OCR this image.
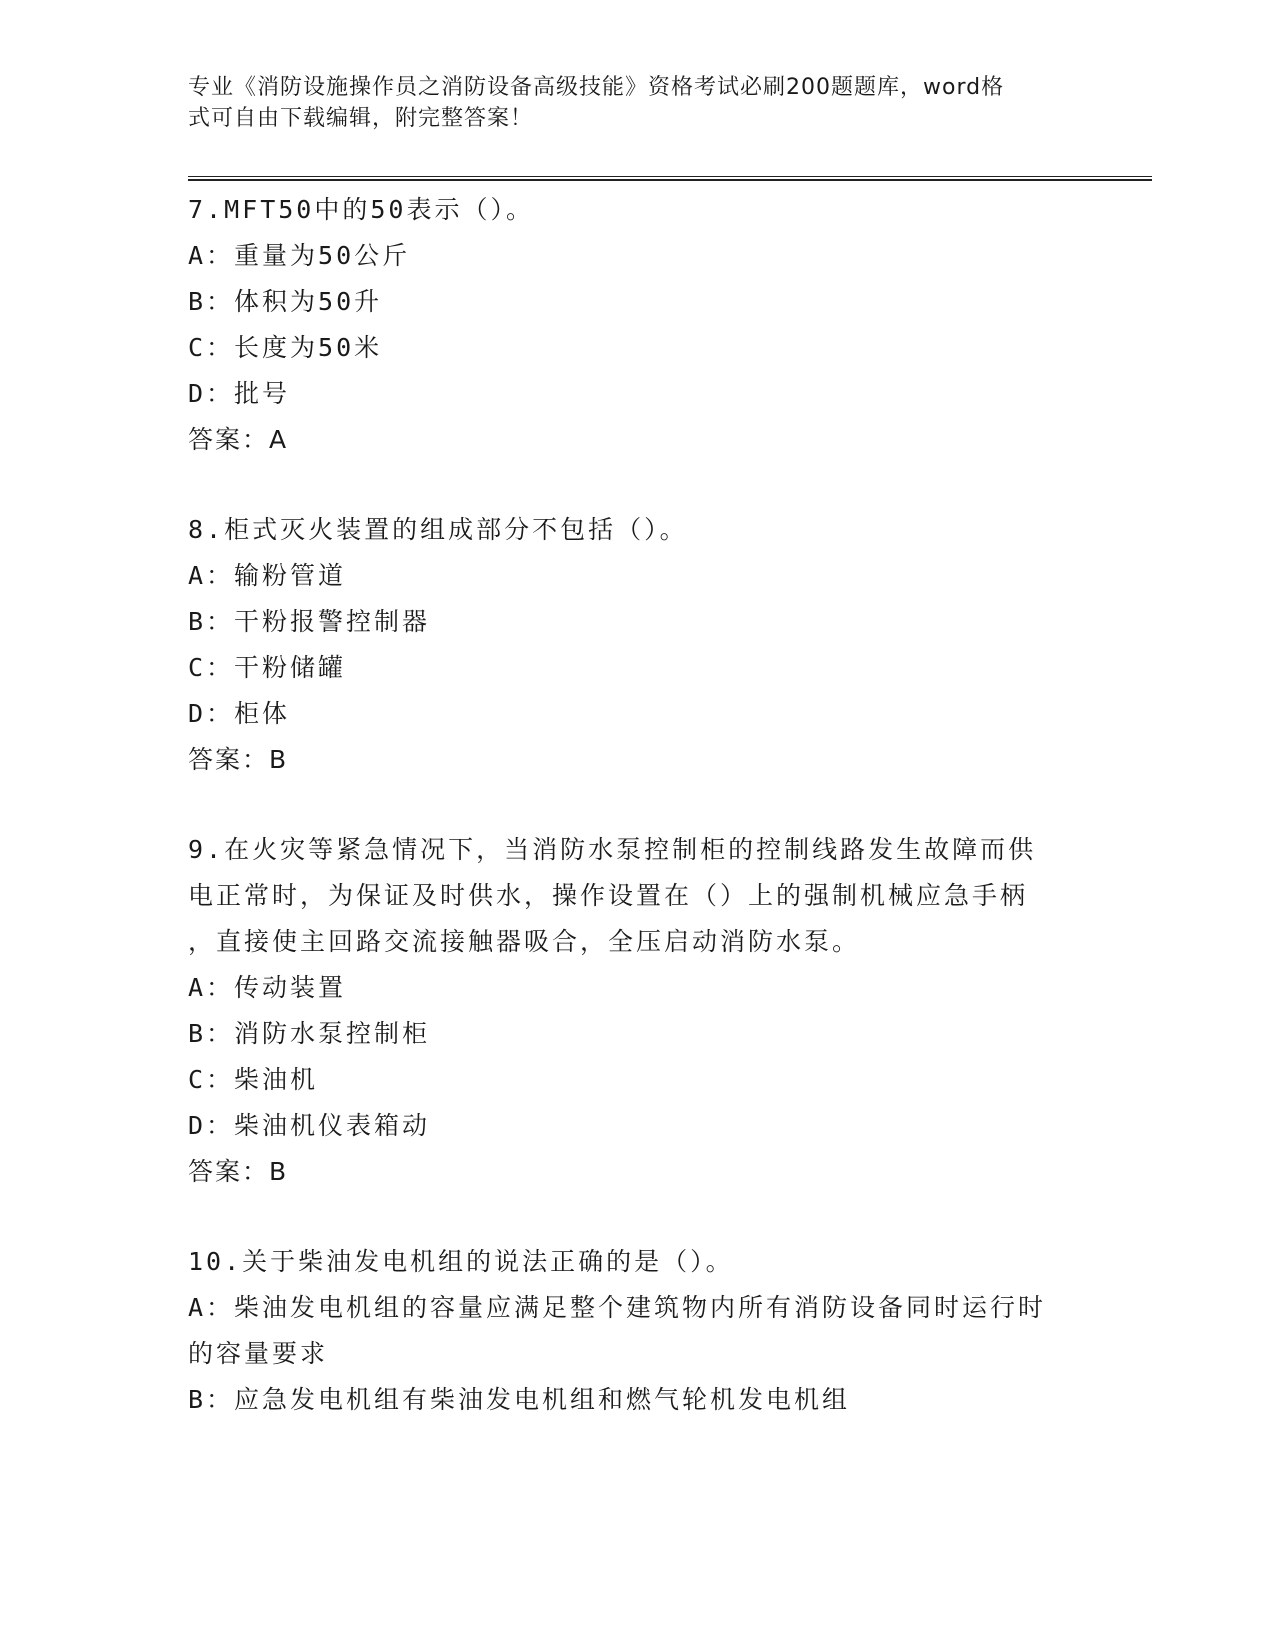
专业《消防设施操作员之消防设备高级技能》资格考试必刷200题题库，word格
式可自由下载编辑，附完整答案！
7.MFT50中的50表示（）。
A：重量为50公斤
B：体积为50升
C：长度为50米
D：批号
答案：A
8.柜式灭火装置的组成部分不包括（）。
A：输粉管道
B：干粉报警控制器
C：干粉储罐
D：柜体
答案：B
9.在火灾等紧急情况下，当消防水泵控制柜的控制线路发生故障而供
电正常时，为保证及时供水，操作设置在（）上的强制机械应急手柄
，直接使主回路交流接触器吸合，全压启动消防水泵。
A：传动装置
B：消防水泵控制柜
C：柴油机
D：柴油机仪表箱动
答案：B
10.关于柴油发电机组的说法正确的是（）。
A：柴油发电机组的容量应满足整个建筑物内所有消防设备同时运行时
的容量要求
B：应急发电机组有柴油发电机组和燃气轮机发电机组
